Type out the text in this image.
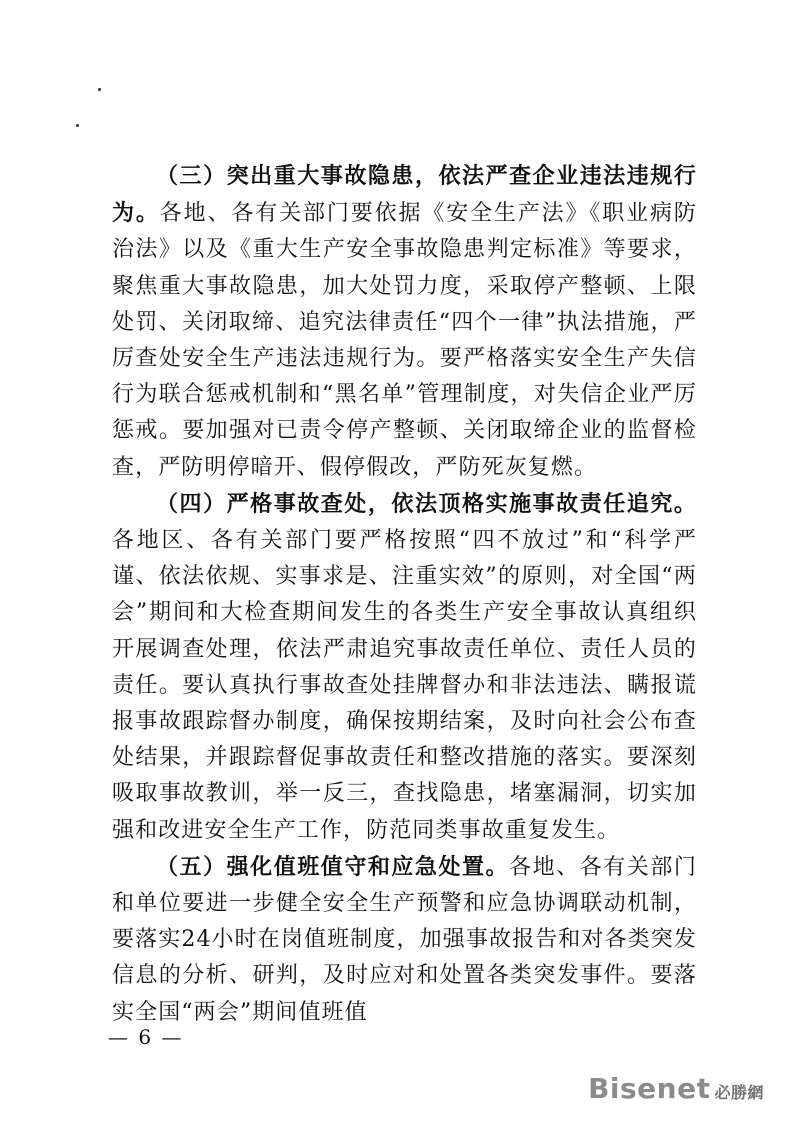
（三）突出重大事故隐患，依法严查企业违法违规行为。各地、各有关部门要依据《安全生产法》《职业病防治法》以及《重大生产安全事故隐患判定标准》等要求，聚焦重大事故隐患，加大处罚力度，采取停产整顿、上限处罚、关闭取缔、追究法律责任“四个一律”执法措施，严厉查处安全生产违法违规行为。要严格落实安全生产失信行为联合惩戒机制和“黑名单”管理制度，对失信企业严厉惩戒。要加强对已责令停产整顿、关闭取缔企业的监督检查，严防明停暗开、假停假改，严防死灰复燃。

（四）严格事故查处，依法顶格实施事故责任追究。各地区、各有关部门要严格按照“四不放过”和“科学严谨、依法依规、实事求是、注重实效”的原则，对全国“两会”期间和大检查期间发生的各类生产安全事故认真组织开展调查处理，依法严肃追究事故责任单位、责任人员的责任。要认真执行事故查处挂牌督办和非法违法、瞒报谎报事故跟踪督办制度，确保按期结案，及时向社会公布查处结果，并跟踪督促事故责任和整改措施的落实。要深刻吸取事故教训，举一反三，查找隐患，堵塞漏洞，切实加强和改进安全生产工作，防范同类事故重复发生。

（五）强化值班值守和应急处置。各地、各有关部门和单位要进一步健全安全生产预警和应急协调联动机制，要落实24小时在岗值班制度，加强事故报告和对各类突发信息的分析、研判，及时应对和处置各类突发事件。要落实全国“两会”期间值班值

— 6 —
Bisenet 必勝網
